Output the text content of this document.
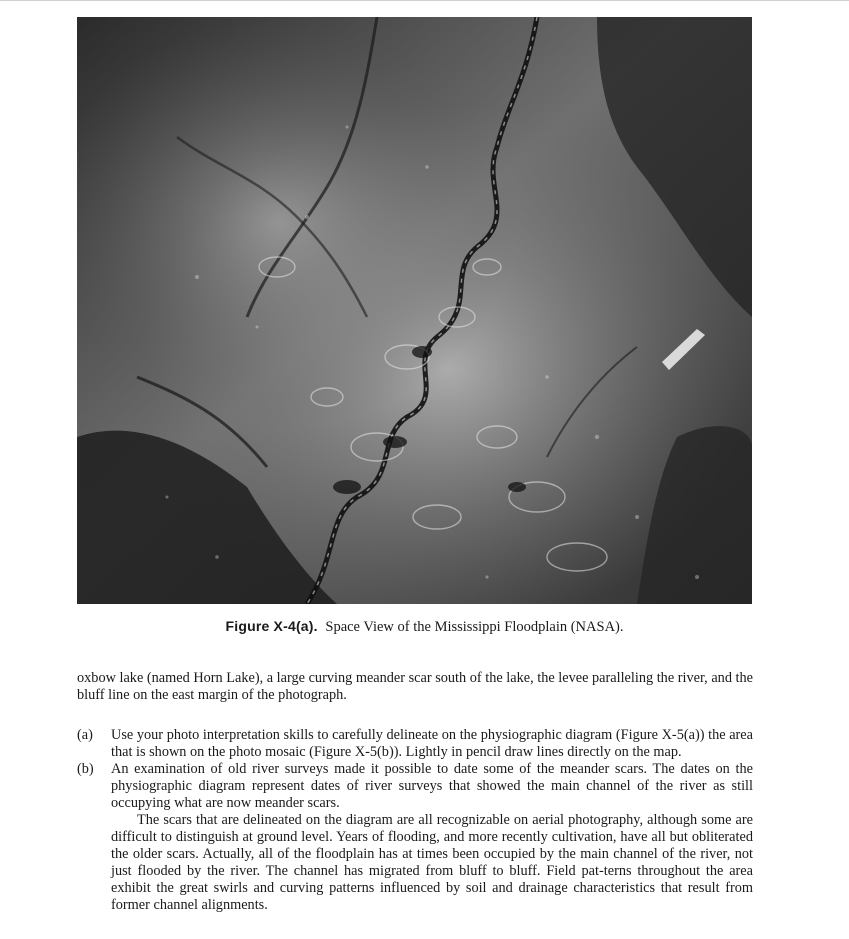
Figure X-4(a). Space View of the Mississippi Floodplain (NASA).
oxbow lake (named Horn Lake), a large curving meander scar south of the lake, the levee paralleling the river, and the bluff line on the east margin of the photograph.
(a)	Use your photo interpretation skills to carefully delineate on the physiographic diagram (Figure X-5(a)) the area that is shown on the photo mosaic (Figure X-5(b)). Lightly in pencil draw lines directly on the map.
(b)	An examination of old river surveys made it possible to date some of the meander scars. The dates on the physiographic diagram represent dates of river surveys that showed the main channel of the river as still occupying what are now meander scars.
The scars that are delineated on the diagram are all recognizable on aerial photography, although some are difficult to distinguish at ground level. Years of flooding, and more recently cultivation, have all but obliterated the older scars. Actually, all of the floodplain has at times been occupied by the main channel of the river, not just flooded by the river. The channel has migrated from bluff to bluff. Field pat-terns throughout the area exhibit the great swirls and curving patterns influenced by soil and drainage characteristics that result from former channel alignments.
